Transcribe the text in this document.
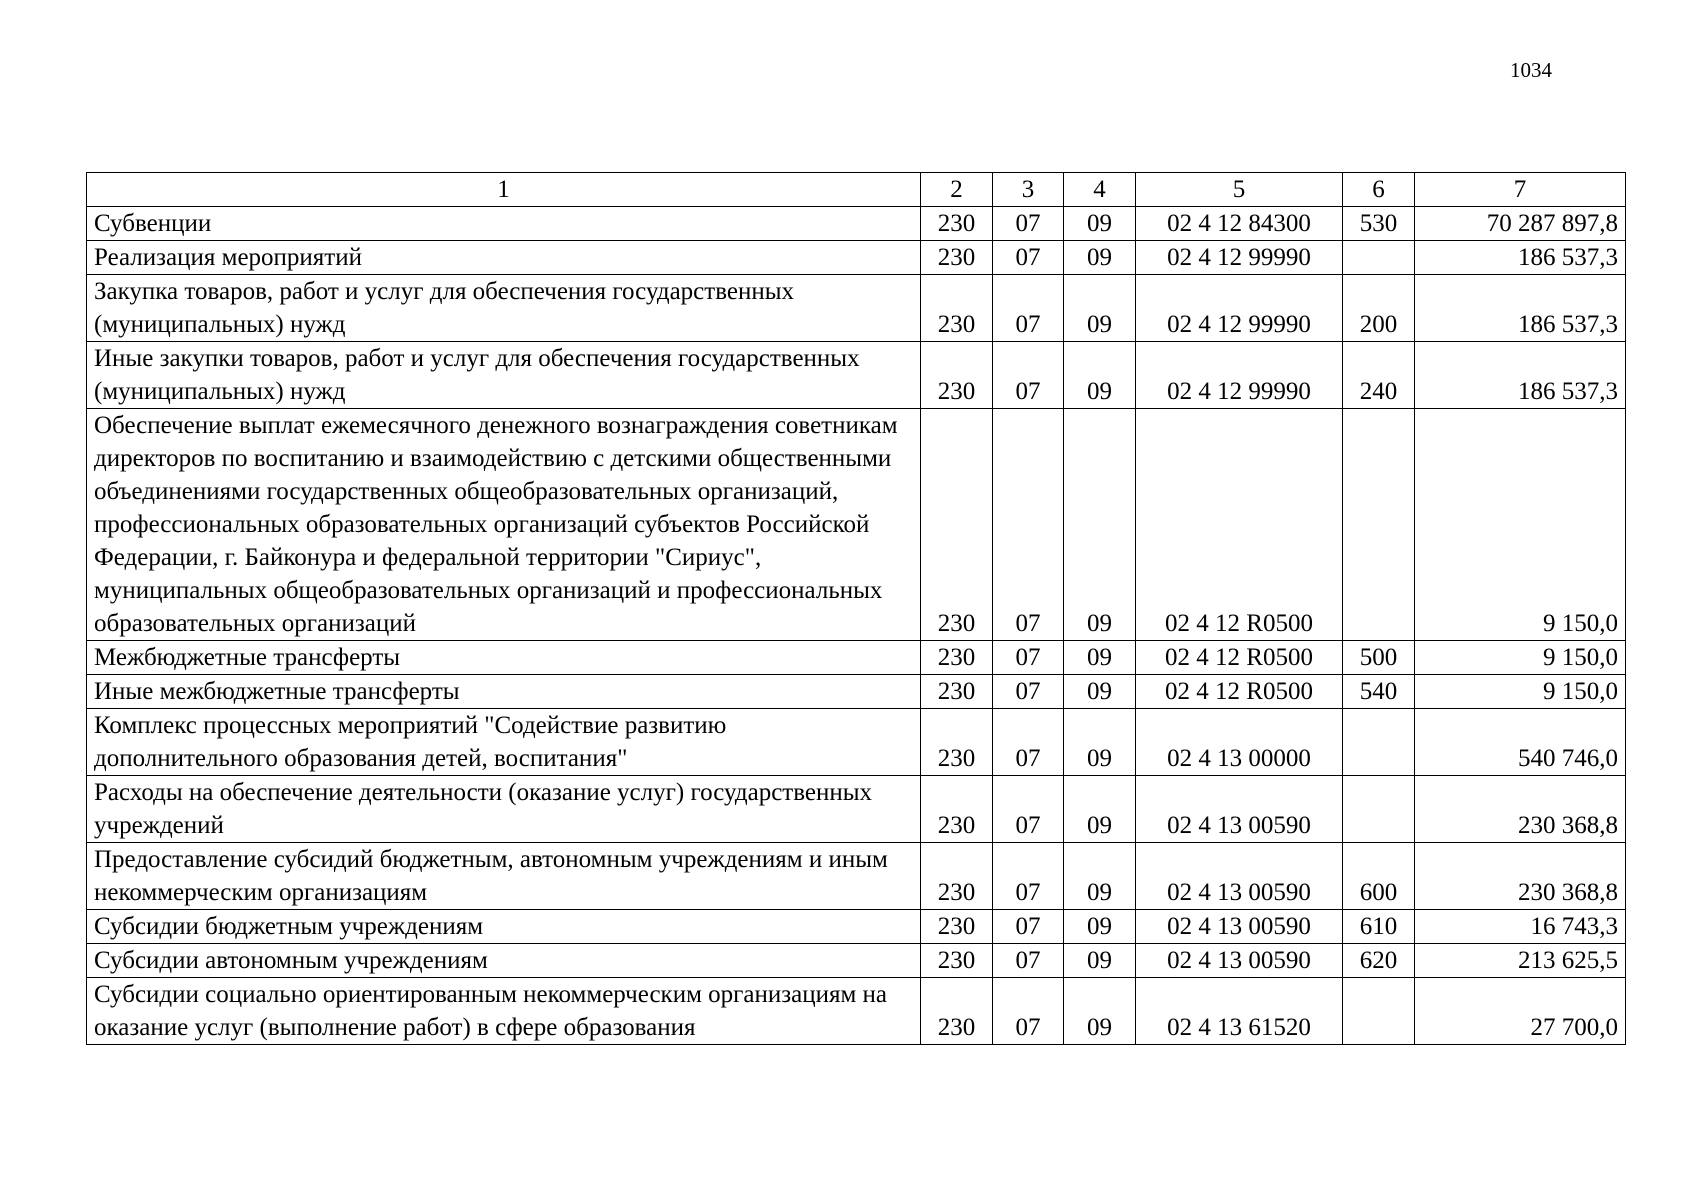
1034
1	2	3	4	5	6	7
Субвенции	230	07	09	02 4 12 84300	530	70 287 897,8
Реализация мероприятий	230	07	09	02 4 12 99990		186 537,3
Закупка товаров, работ и услуг для обеспечения государственных (муниципальных) нужд	230	07	09	02 4 12 99990	200	186 537,3
Иные закупки товаров, работ и услуг для обеспечения государственных (муниципальных) нужд	230	07	09	02 4 12 99990	240	186 537,3
Обеспечение выплат ежемесячного денежного вознаграждения советникам директоров по воспитанию и взаимодействию с детскими общественными объединениями государственных общеобразовательных организаций, профессиональных образовательных организаций субъектов Российской Федерации, г. Байконура и федеральной территории "Сириус", муниципальных общеобразовательных организаций и профессиональных образовательных организаций	230	07	09	02 4 12 R0500		9 150,0
Межбюджетные трансферты	230	07	09	02 4 12 R0500	500	9 150,0
Иные межбюджетные трансферты	230	07	09	02 4 12 R0500	540	9 150,0
Комплекс процессных мероприятий "Содействие развитию дополнительного образования детей, воспитания"	230	07	09	02 4 13 00000		540 746,0
Расходы на обеспечение деятельности (оказание услуг) государственных учреждений	230	07	09	02 4 13 00590		230 368,8
Предоставление субсидий бюджетным, автономным учреждениям и иным некоммерческим организациям	230	07	09	02 4 13 00590	600	230 368,8
Субсидии бюджетным учреждениям	230	07	09	02 4 13 00590	610	16 743,3
Субсидии автономным учреждениям	230	07	09	02 4 13 00590	620	213 625,5
Субсидии социально ориентированным некоммерческим организациям на оказание услуг (выполнение работ) в сфере образования	230	07	09	02 4 13 61520		27 700,0
